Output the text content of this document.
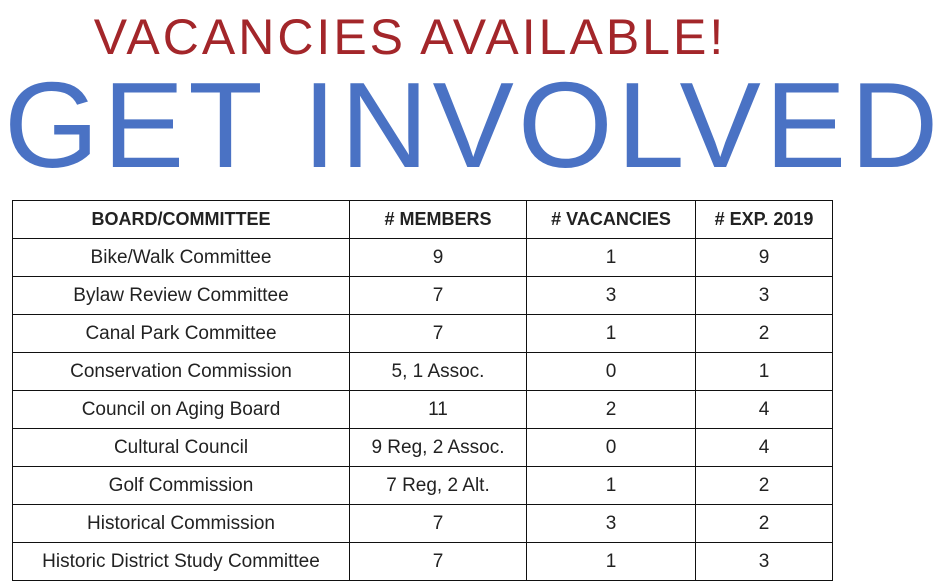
VACANCIES AVAILABLE!
GET INVOLVED
BOARD/COMMITTEE	# MEMBERS	# VACANCIES	# EXP. 2019
Bike/Walk Committee	9	1	9
Bylaw Review Committee	7	3	3
Canal Park Committee	7	1	2
Conservation Commission	5, 1 Assoc.	0	1
Council on Aging Board	11	2	4
Cultural Council	9 Reg, 2 Assoc.	0	4
Golf Commission	7 Reg, 2 Alt.	1	2
Historical Commission	7	3	2
Historic District Study Committee	7	1	3
